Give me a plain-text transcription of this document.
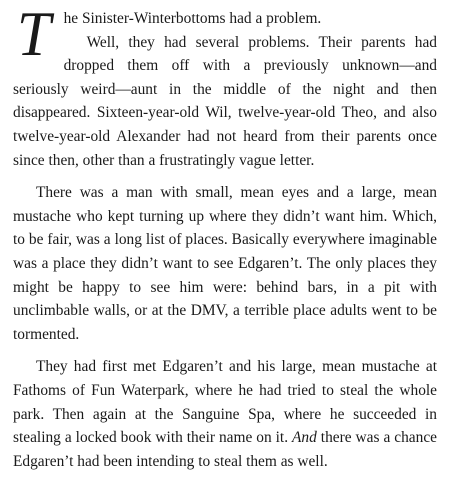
T he Sinister-Winterbottoms had a problem.
Well, they had several problems. Their parents had dropped them off with a previously unknown—and seriously weird—aunt in the middle of the night and then disappeared. Sixteen-year-old Wil, twelve-year-old Theo, and also twelve-year-old Alexander had not heard from their parents once since then, other than a frustratingly vague letter.

There was a man with small, mean eyes and a large, mean mustache who kept turning up where they didn’t want him. Which, to be fair, was a long list of places. Basically everywhere imaginable was a place they didn’t want to see Edgaren’t. The only places they might be happy to see him were: behind bars, in a pit with unclimbable walls, or at the DMV, a terrible place adults went to be tormented.

They had first met Edgaren’t and his large, mean mustache at Fathoms of Fun Waterpark, where he had tried to steal the whole park. Then again at the Sanguine Spa, where he succeeded in stealing a locked book with their name on it. And there was a chance Edgaren’t had been intending to steal them as well.
